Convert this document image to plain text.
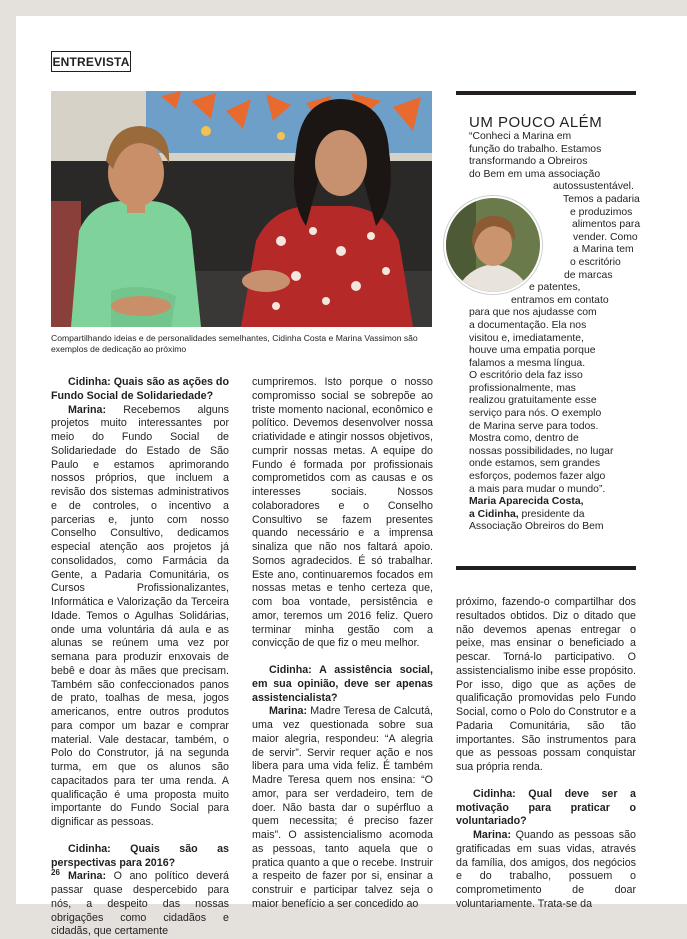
ENTREVISTA
Compartilhando ideias e de personalidades semelhantes, Cidinha Costa e Marina Vassimon são exemplos de dedicação ao próximo
UM POUCO ALÉM
“Conheci a Marina em
função do trabalho. Estamos
transformando a Obreiros
do Bem em uma associação
autossustentável.
Temos a padaria
e produzimos
alimentos para
vender. Como
a Marina tem
o escritório
de marcas
e patentes,
entramos em contato
para que nos ajudasse com
a documentação. Ela nos
visitou e, imediatamente,
houve uma empatia porque
falamos a mesma língua.
O escritório dela faz isso
profissionalmente, mas
realizou gratuitamente esse
serviço para nós. O exemplo
de Marina serve para todos.
Mostra como, dentro de
nossas possibilidades, no lugar
onde estamos, sem grandes
esforços, podemos fazer algo
a mais para mudar o mundo”.
Maria Aparecida Costa,
a Cidinha, presidente da
Associação Obreiros do Bem

Cidinha: Quais são as ações do Fundo Social de Solidariedade?

Marina: Recebemos alguns projetos muito interessantes por meio do Fundo Social de Solidariedade do Estado de São Paulo e estamos aprimorando nossos próprios, que incluem a revisão dos sistemas administrativos e de controles, o incentivo a parcerias e, junto com nosso Conselho Consultivo, dedicamos especial atenção aos projetos já consolidados, como Farmácia da Gente, a Padaria Comunitária, os Cursos Profissionalizantes, Informática e Valorização da Terceira Idade. Temos o Agulhas Solidárias, onde uma voluntária dá aula e as alunas se reúnem uma vez por semana para produzir enxovais de bebê e doar às mães que precisam. Também são confeccionados panos de prato, toalhas de mesa, jogos americanos, entre outros produtos para compor um bazar e comprar material. Vale destacar, também, o Polo do Construtor, já na segunda turma, em que os alunos são capacitados para ter uma renda. A qualificação é uma proposta muito importante do Fundo Social para dignificar as pessoas.

Cidinha: Quais são as perspectivas para 2016?

Marina: O ano político deverá passar quase despercebido para nós, a despeito das nossas obrigações como cidadãos e cidadãs, que certamente

cumpriremos. Isto porque o nosso compromisso social se sobrepõe ao triste momento nacional, econômico e político. Devemos desenvolver nossa criatividade e atingir nossos objetivos, cumprir nossas metas. A equipe do Fundo é formada por profissionais comprometidos com as causas e os interesses sociais. Nossos colaboradores e o Conselho Consultivo se fazem presentes quando necessário e a imprensa sinaliza que não nos faltará apoio. Somos agradecidos. É só trabalhar. Este ano, continuaremos focados em nossas metas e tenho certeza que, com boa vontade, persistência e amor, teremos um 2016 feliz. Quero terminar minha gestão com a convicção de que fiz o meu melhor.

Cidinha: A assistência social, em sua opinião, deve ser apenas assistencialista?

Marina: Madre Teresa de Calcutá, uma vez questionada sobre sua maior alegria, respondeu: “A alegria de servir”. Servir requer ação e nos libera para uma vida feliz. É também Madre Teresa quem nos ensina: “O amor, para ser verdadeiro, tem de doer. Não basta dar o supérfluo a quem necessita; é preciso fazer mais”. O assistencialismo acomoda as pessoas, tanto aquela que o pratica quanto a que o recebe. Instruir a respeito de fazer por si, ensinar a construir e participar talvez seja o maior benefício a ser concedido ao

próximo, fazendo-o compartilhar dos resultados obtidos. Diz o ditado que não devemos apenas entregar o peixe, mas ensinar o beneficiado a pescar. Torná-lo participativo. O assistencialismo inibe esse propósito. Por isso, digo que as ações de qualificação promovidas pelo Fundo Social, como o Polo do Construtor e a Padaria Comunitária, são tão importantes. São instrumentos para que as pessoas possam conquistar sua própria renda.

Cidinha: Qual deve ser a motivação para praticar o voluntariado?

Marina: Quando as pessoas são gratificadas em suas vidas, através da família, dos amigos, dos negócios e do trabalho, possuem o comprometimento de doar voluntariamente. Trata-se da

26
